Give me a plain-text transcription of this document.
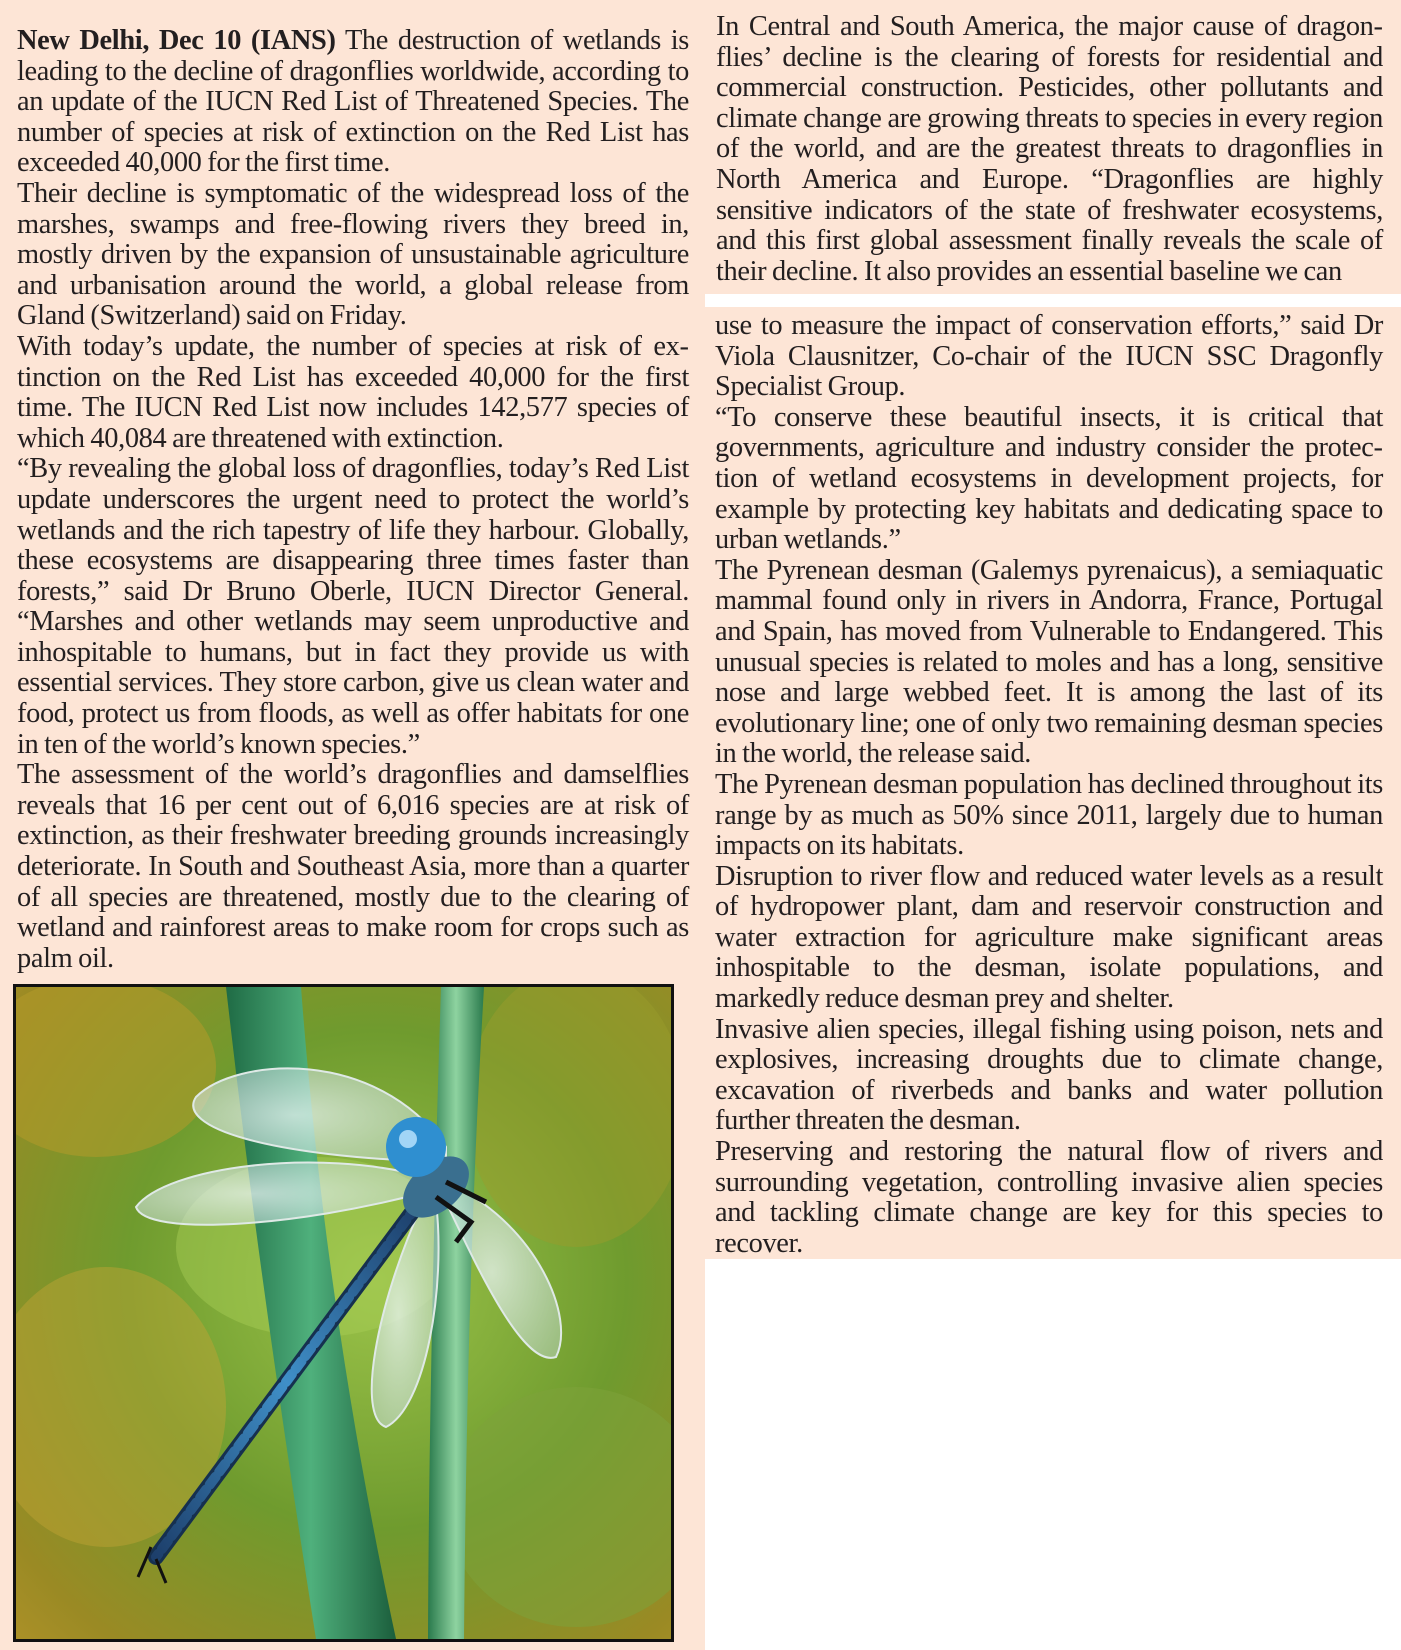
New Delhi, Dec 10 (IANS) The destruction of wetlands is leading to the decline of dragonflies worldwide, according to an update of the IUCN Red List of Threatened Species. The number of species at risk of extinction on the Red List has exceeded 40,000 for the first time.

Their decline is symptomatic of the widespread loss of the marshes, swamps and free-flowing rivers they breed in, mostly driven by the expansion of unsustainable agriculture and urbanisation around the world, a global release from Gland (Switzerland) said on Friday.

With today’s update, the number of species at risk of extinction on the Red List has exceeded 40,000 for the first time. The IUCN Red List now includes 142,577 species of which 40,084 are threatened with extinction.

“By revealing the global loss of dragonflies, today’s Red List update underscores the urgent need to protect the world’s wetlands and the rich tapestry of life they harbour. Globally, these ecosystems are disappearing three times faster than forests,” said Dr Bruno Oberle, IUCN Director General. “Marshes and other wetlands may seem unproductive and inhospitable to humans, but in fact they provide us with essential services. They store carbon, give us clean water and food, protect us from floods, as well as offer habitats for one in ten of the world’s known species.”

The assessment of the world’s dragonflies and damselflies reveals that 16 per cent out of 6,016 species are at risk of extinction, as their freshwater breeding grounds increasingly deteriorate. In South and Southeast Asia, more than a quarter of all species are threatened, mostly due to the clearing of wetland and rainforest areas to make room for crops such as palm oil.

In Central and South America, the major cause of dragonflies’ decline is the clearing of forests for residential and commercial construction. Pesticides, other pollutants and climate change are growing threats to species in every region of the world, and are the greatest threats to dragonflies in North America and Europe. “Dragonflies are highly sensitive indicators of the state of freshwater ecosystems, and this first global assessment finally reveals the scale of their decline. It also provides an essential baseline we can

use to measure the impact of conservation efforts,” said Dr Viola Clausnitzer, Co-chair of the IUCN SSC Dragonfly Specialist Group.

“To conserve these beautiful insects, it is critical that governments, agriculture and industry consider the protection of wetland ecosystems in development projects, for example by protecting key habitats and dedicating space to urban wetlands.”

The Pyrenean desman (Galemys pyrenaicus), a semiaquatic mammal found only in rivers in Andorra, France, Portugal and Spain, has moved from Vulnerable to Endangered. This unusual species is related to moles and has a long, sensitive nose and large webbed feet. It is among the last of its evolutionary line; one of only two remaining desman species in the world, the release said.

The Pyrenean desman population has declined throughout its range by as much as 50% since 2011, largely due to human impacts on its habitats.

Disruption to river flow and reduced water levels as a result of hydropower plant, dam and reservoir construction and water extraction for agriculture make significant areas inhospitable to the desman, isolate populations, and markedly reduce desman prey and shelter.

Invasive alien species, illegal fishing using poison, nets and explosives, increasing droughts due to climate change, excavation of riverbeds and banks and water pollution further threaten the desman.

Preserving and restoring the natural flow of rivers and surrounding vegetation, controlling invasive alien species and tackling climate change are key for this species to recover.
